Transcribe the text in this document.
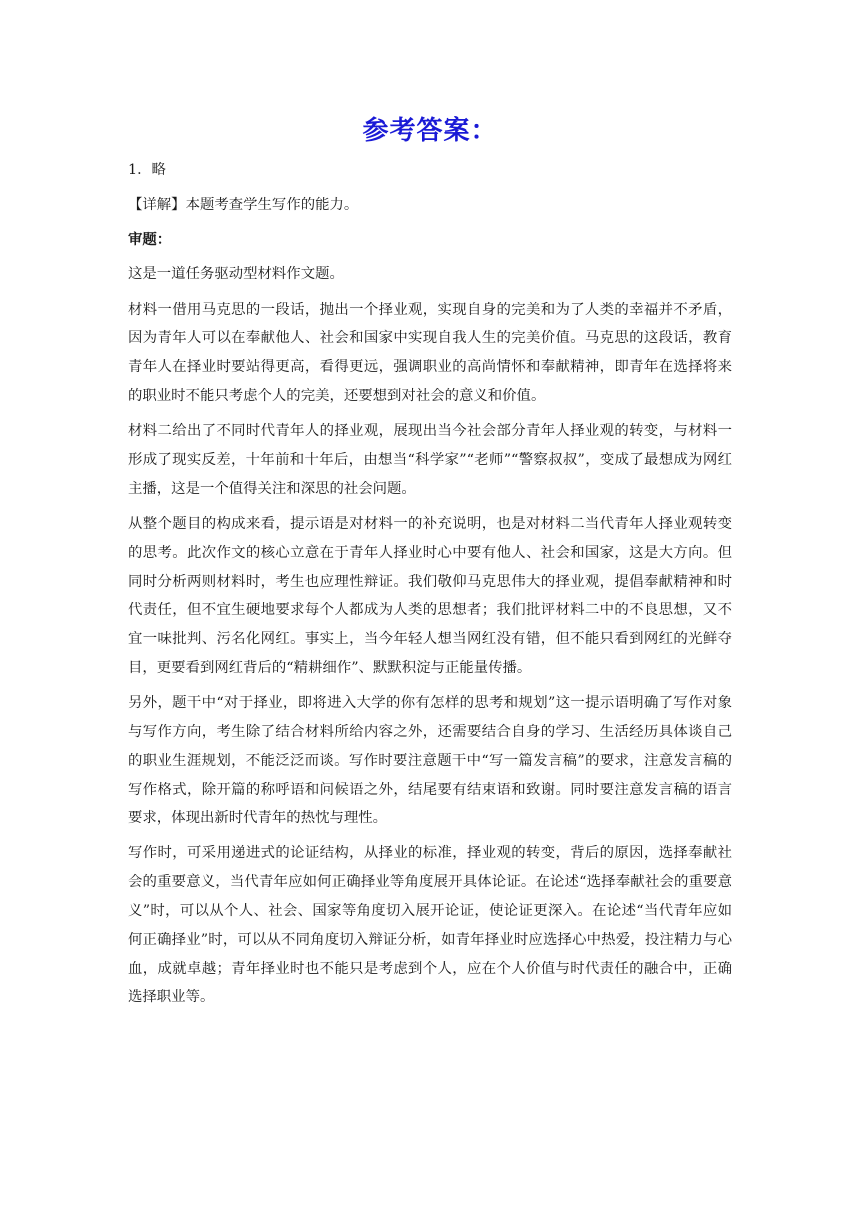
参考答案：
1．略
【详解】本题考查学生写作的能力。
审题：

这是一道任务驱动型材料作文题。

材料一借用马克思的一段话，抛出一个择业观，实现自身的完美和为了人类的幸福并不矛盾，因为青年人可以在奉献他人、社会和国家中实现自我人生的完美价值。马克思的这段话，教育青年人在择业时要站得更高，看得更远，强调职业的高尚情怀和奉献精神，即青年在选择将来的职业时不能只考虑个人的完美，还要想到对社会的意义和价值。

材料二给出了不同时代青年人的择业观，展现出当今社会部分青年人择业观的转变，与材料一形成了现实反差，十年前和十年后，由想当“科学家”“老师”“警察叔叔”，变成了最想成为网红主播，这是一个值得关注和深思的社会问题。

从整个题目的构成来看，提示语是对材料一的补充说明，也是对材料二当代青年人择业观转变的思考。此次作文的核心立意在于青年人择业时心中要有他人、社会和国家，这是大方向。但同时分析两则材料时，考生也应理性辩证。我们敬仰马克思伟大的择业观，提倡奉献精神和时代责任，但不宜生硬地要求每个人都成为人类的思想者；我们批评材料二中的不良思想，又不宜一味批判、污名化网红。事实上，当今年轻人想当网红没有错，但不能只看到网红的光鲜夺目，更要看到网红背后的“精耕细作”、默默积淀与正能量传播。

另外，题干中“对于择业，即将进入大学的你有怎样的思考和规划”这一提示语明确了写作对象与写作方向，考生除了结合材料所给内容之外，还需要结合自身的学习、生活经历具体谈自己的职业生涯规划，不能泛泛而谈。写作时要注意题干中“写一篇发言稿”的要求，注意发言稿的写作格式，除开篇的称呼语和问候语之外，结尾要有结束语和致谢。同时要注意发言稿的语言要求，体现出新时代青年的热忱与理性。

写作时，可采用递进式的论证结构，从择业的标准，择业观的转变，背后的原因，选择奉献社会的重要意义，当代青年应如何正确择业等角度展开具体论证。在论述“选择奉献社会的重要意义”时，可以从个人、社会、国家等角度切入展开论证，使论证更深入。在论述“当代青年应如何正确择业”时，可以从不同角度切入辩证分析，如青年择业时应选择心中热爱，投注精力与心血，成就卓越；青年择业时也不能只是考虑到个人，应在个人价值与时代责任的融合中，正确选择职业等。
